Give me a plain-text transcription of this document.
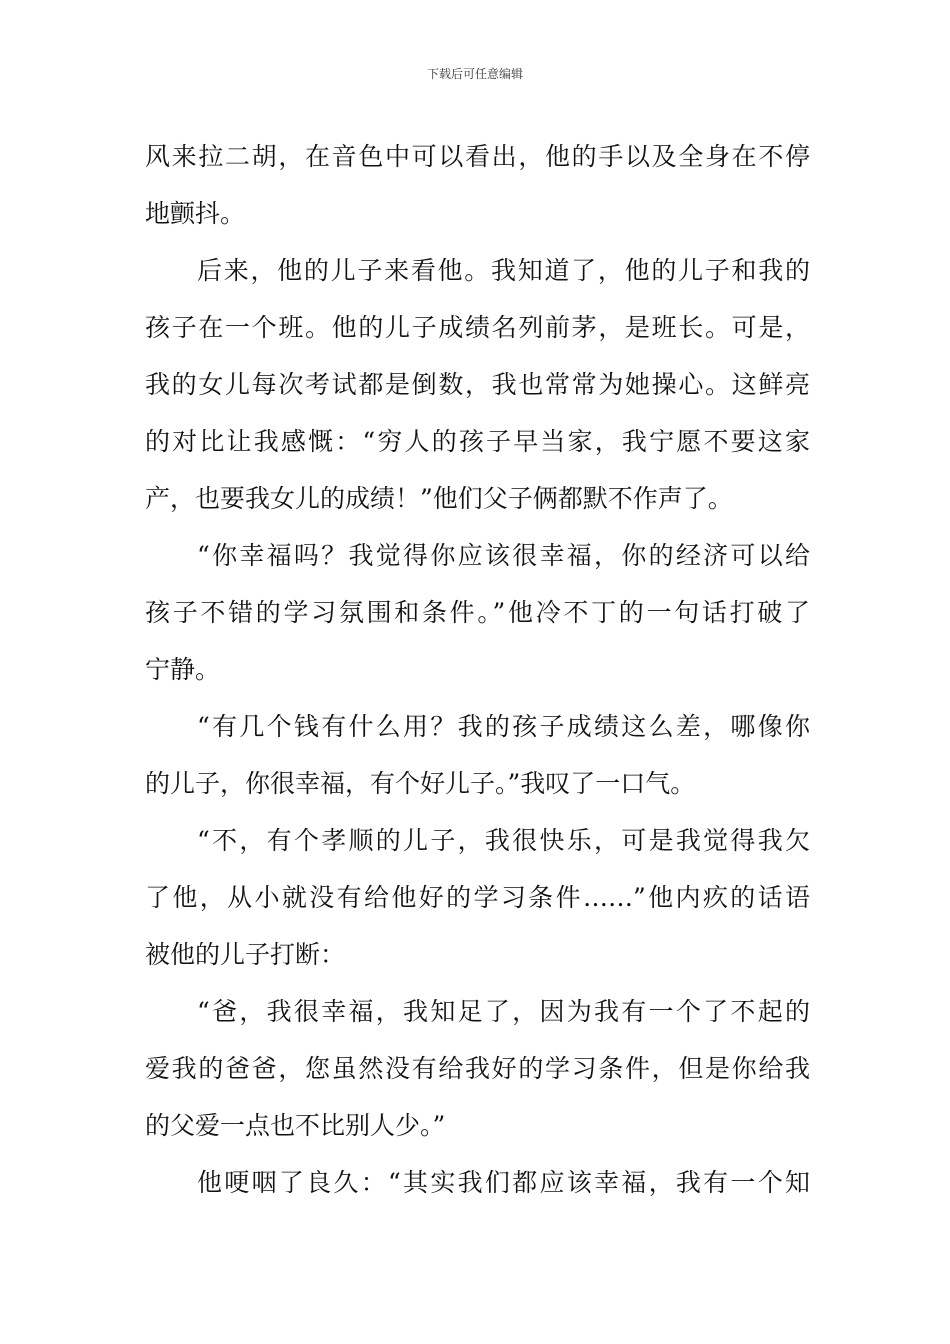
下载后可任意编辑
风来拉二胡，在音色中可以看出，他的手以及全身在不停
地颤抖。
后来，他的儿子来看他。我知道了，他的儿子和我的
孩子在一个班。他的儿子成绩名列前茅，是班长。可是，
我的女儿每次考试都是倒数，我也常常为她操心。这鲜亮
的对比让我感慨：“穷人的孩子早当家，我宁愿不要这家
产，也要我女儿的成绩！”他们父子俩都默不作声了。
“你幸福吗？我觉得你应该很幸福，你的经济可以给
孩子不错的学习氛围和条件。”他冷不丁的一句话打破了
宁静。
“有几个钱有什么用？我的孩子成绩这么差，哪像你
的儿子，你很幸福，有个好儿子。”我叹了一口气。
“不，有个孝顺的儿子，我很快乐，可是我觉得我欠
了他，从小就没有给他好的学习条件……”他内疚的话语
被他的儿子打断：
“爸，我很幸福，我知足了，因为我有一个了不起的
爱我的爸爸，您虽然没有给我好的学习条件，但是你给我
的父爱一点也不比别人少。”
他哽咽了良久：“其实我们都应该幸福，我有一个知
